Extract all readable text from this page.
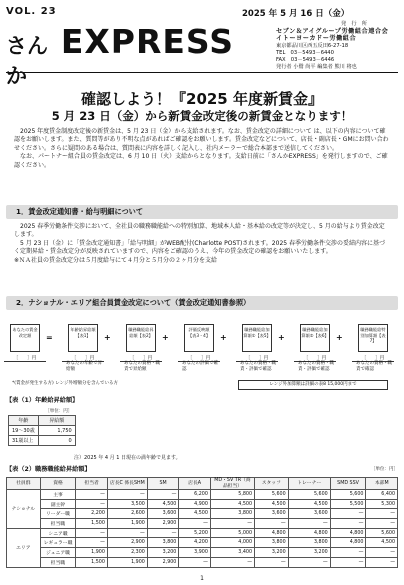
VOL. 23	2025 年 5 月 16 日（金）
さんか
EXPRESS	発　行　所
セブン＆アイグループ労働組合連合会
イトーヨーカドー労働組合
東京都品川区西五反田6-27-18
TEL　03－5493－6440
FAX　03－5493－6446
発行者 小鷲 尚平 編集者 熊川 将也
確認しよう！『2025 年度新賃金』
5 月 23 日（金）から新賃金改定後の新賃金となります！

2025 年度賃金制度改定後の新賃金は、5 月 23 日（金）から支給されます。なお、賃金改定の詳細について は、以下の内容について確認をお願いします。また、質問等があり不明な点があればご確認をお願いします。賃金改定などについて、店長・副店長・GMにお問い合わせください。さらに疑問のある場合は、質問表に内容を詳しく記入し、社内メーラーで総合本部まで送信してください。

なお、パートナー組合員の賃金改定は、6 月 10 日（火）支給からとなります。支給日前に「さんかEXPRESS」を発行しますので、ご確認ください。

1．賃金改定通知書・給与明細について

2025 春季労働条件交渉において、全社員の職務職能給への特別加算、地域本人給・基本給の改定等が決定し、5 月の給与より賃金改定します。

5 月 23 日（金）に「賃金改定通知書」「給与明細」がWEB配付(Charlotte POST)されます。2025 春季労働条件交渉の妥結内容に基づく定期昇給・賃金改定分が反映されていますので、内容をご確認のうえ、今年の賃金改定の確認をお願いいたします。

※ＮＡ社員の賃金改定分は５月度給与にて４月分と５月分の２ヶ月分を支給

2．ナショナル・エリア組合員賃金改定について（賃金改定通知書参照）
あなたの賃金改定額	=
年齢給昇給額【表1】	+
職務職能給昇給額【表2】	+
評価反映額【表3・4】	+
職務職能給加算額①【表5】 +
職務職能給加算額②【表6】 +
職務職能給特別加算額【表7】
［　　］円	［　　］円	［　　］円	［　　］円	［　　］円	［　　］円	［　　］円
あなたの年齢で昇給額
あなたの資格・職責で昇給額
あなたの評価で確認
あなたの資格・職責・評価で確認
あなたの資格・職責・評価で確認
あなたの資格・職責で確認
*(賃金が発生する方) レンジ外増額分を含んでいる方	レンジ外加算額は詳細の表8 15,000円まで
【表（1）年齢給昇給額】
［単位：円］	
年齢	昇給額
19～30歳	1,750
31歳以上	0
注）2025 年 4 月 1 日現在の満年齢で見ます。
【表（2）職務職能給昇給額】	［単位：円］
社員群	資格	担当者	店長C 係長SHM	SM	店長A	MD・SV TR（商品担当）	スタッフ	トレーナー	SMD SSV	本部M
ナショナル	主事	—	—	—	6,200	5,800	5,600	5,600	5,600	6,400
	副主幹	—	3,500	4,500	4,900	4,500	4,500	4,500	5,500	5,300
	リーダー職	2,200	2,600	3,600	4,500	3,800	3,600	3,600	—	—
	担当職	1,500	1,900	2,900	—	—	—	—	—	—
エリア	シニア職	—	—	—	5,200	5,000	4,800	4,800	4,800	5,600
	レギュラー職	—	2,900	3,800	4,200	4,000	3,800	3,800	4,800	4,500
	ジュニア職	1,900	2,300	3,200	3,900	3,400	3,200	3,200	—	—
	担当職	1,500	1,900	2,900	—	—	—	—	—	—
1
